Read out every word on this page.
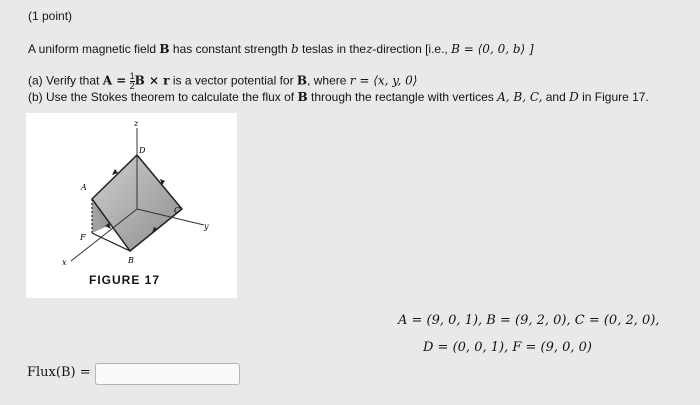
(1 point)
A uniform magnetic field B has constant strength b teslas in thez-direction [i.e., B = ⟨0, 0, b⟩ ]
(a) Verify that $A = \frac{1}{2}$ B × r is a vector potential for B, where r = ⟨x, y, 0⟩
(b) Use the Stokes theorem to calculate the flux of B through the rectangle with vertices A, B, C, and D in Figure 17.
z
D
A
C
y
F
B
x
FIGURE 17
A = (9, 0, 1), B = (9, 2, 0), C = (0, 2, 0),
D = (0, 0, 1), F = (9, 0, 0)
Flux(B) =
